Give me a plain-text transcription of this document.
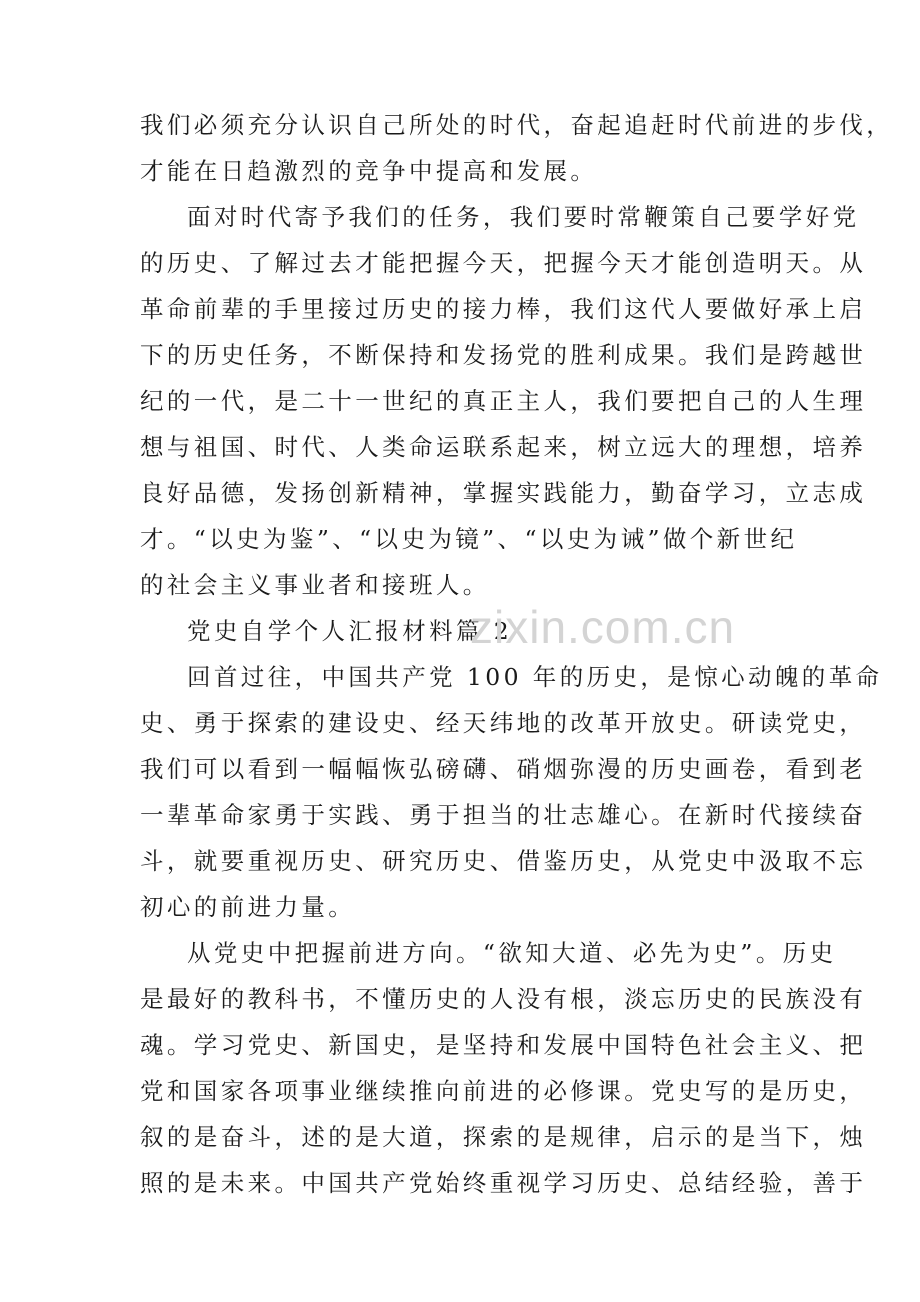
我们必须充分认识自己所处的时代，奋起追赶时代前进的步伐，
才能在日趋激烈的竞争中提高和发展。
面对时代寄予我们的任务，我们要时常鞭策自己要学好党
的历史、了解过去才能把握今天，把握今天才能创造明天。从
革命前辈的手里接过历史的接力棒，我们这代人要做好承上启
下的历史任务，不断保持和发扬党的胜利成果。我们是跨越世
纪的一代，是二十一世纪的真正主人，我们要把自己的人生理
想与祖国、时代、人类命运联系起来，树立远大的理想，培养
良好品德，发扬创新精神，掌握实践能力，勤奋学习，立志成
才。“以史为鉴”、“以史为镜”、“以史为诫”做个新世纪
的社会主义事业者和接班人。
党史自学个人汇报材料篇 2
回首过往，中国共产党 100 年的历史，是惊心动魄的革命
史、勇于探索的建设史、经天纬地的改革开放史。研读党史，
我们可以看到一幅幅恢弘磅礴、硝烟弥漫的历史画卷，看到老
一辈革命家勇于实践、勇于担当的壮志雄心。在新时代接续奋
斗，就要重视历史、研究历史、借鉴历史，从党史中汲取不忘
初心的前进力量。
从党史中把握前进方向。“欲知大道、必先为史”。历史
是最好的教科书，不懂历史的人没有根，淡忘历史的民族没有
魂。学习党史、新国史，是坚持和发展中国特色社会主义、把
党和国家各项事业继续推向前进的必修课。党史写的是历史，
叙的是奋斗，述的是大道，探索的是规律，启示的是当下，烛
照的是未来。中国共产党始终重视学习历史、总结经验，善于
zixin.com.cn
